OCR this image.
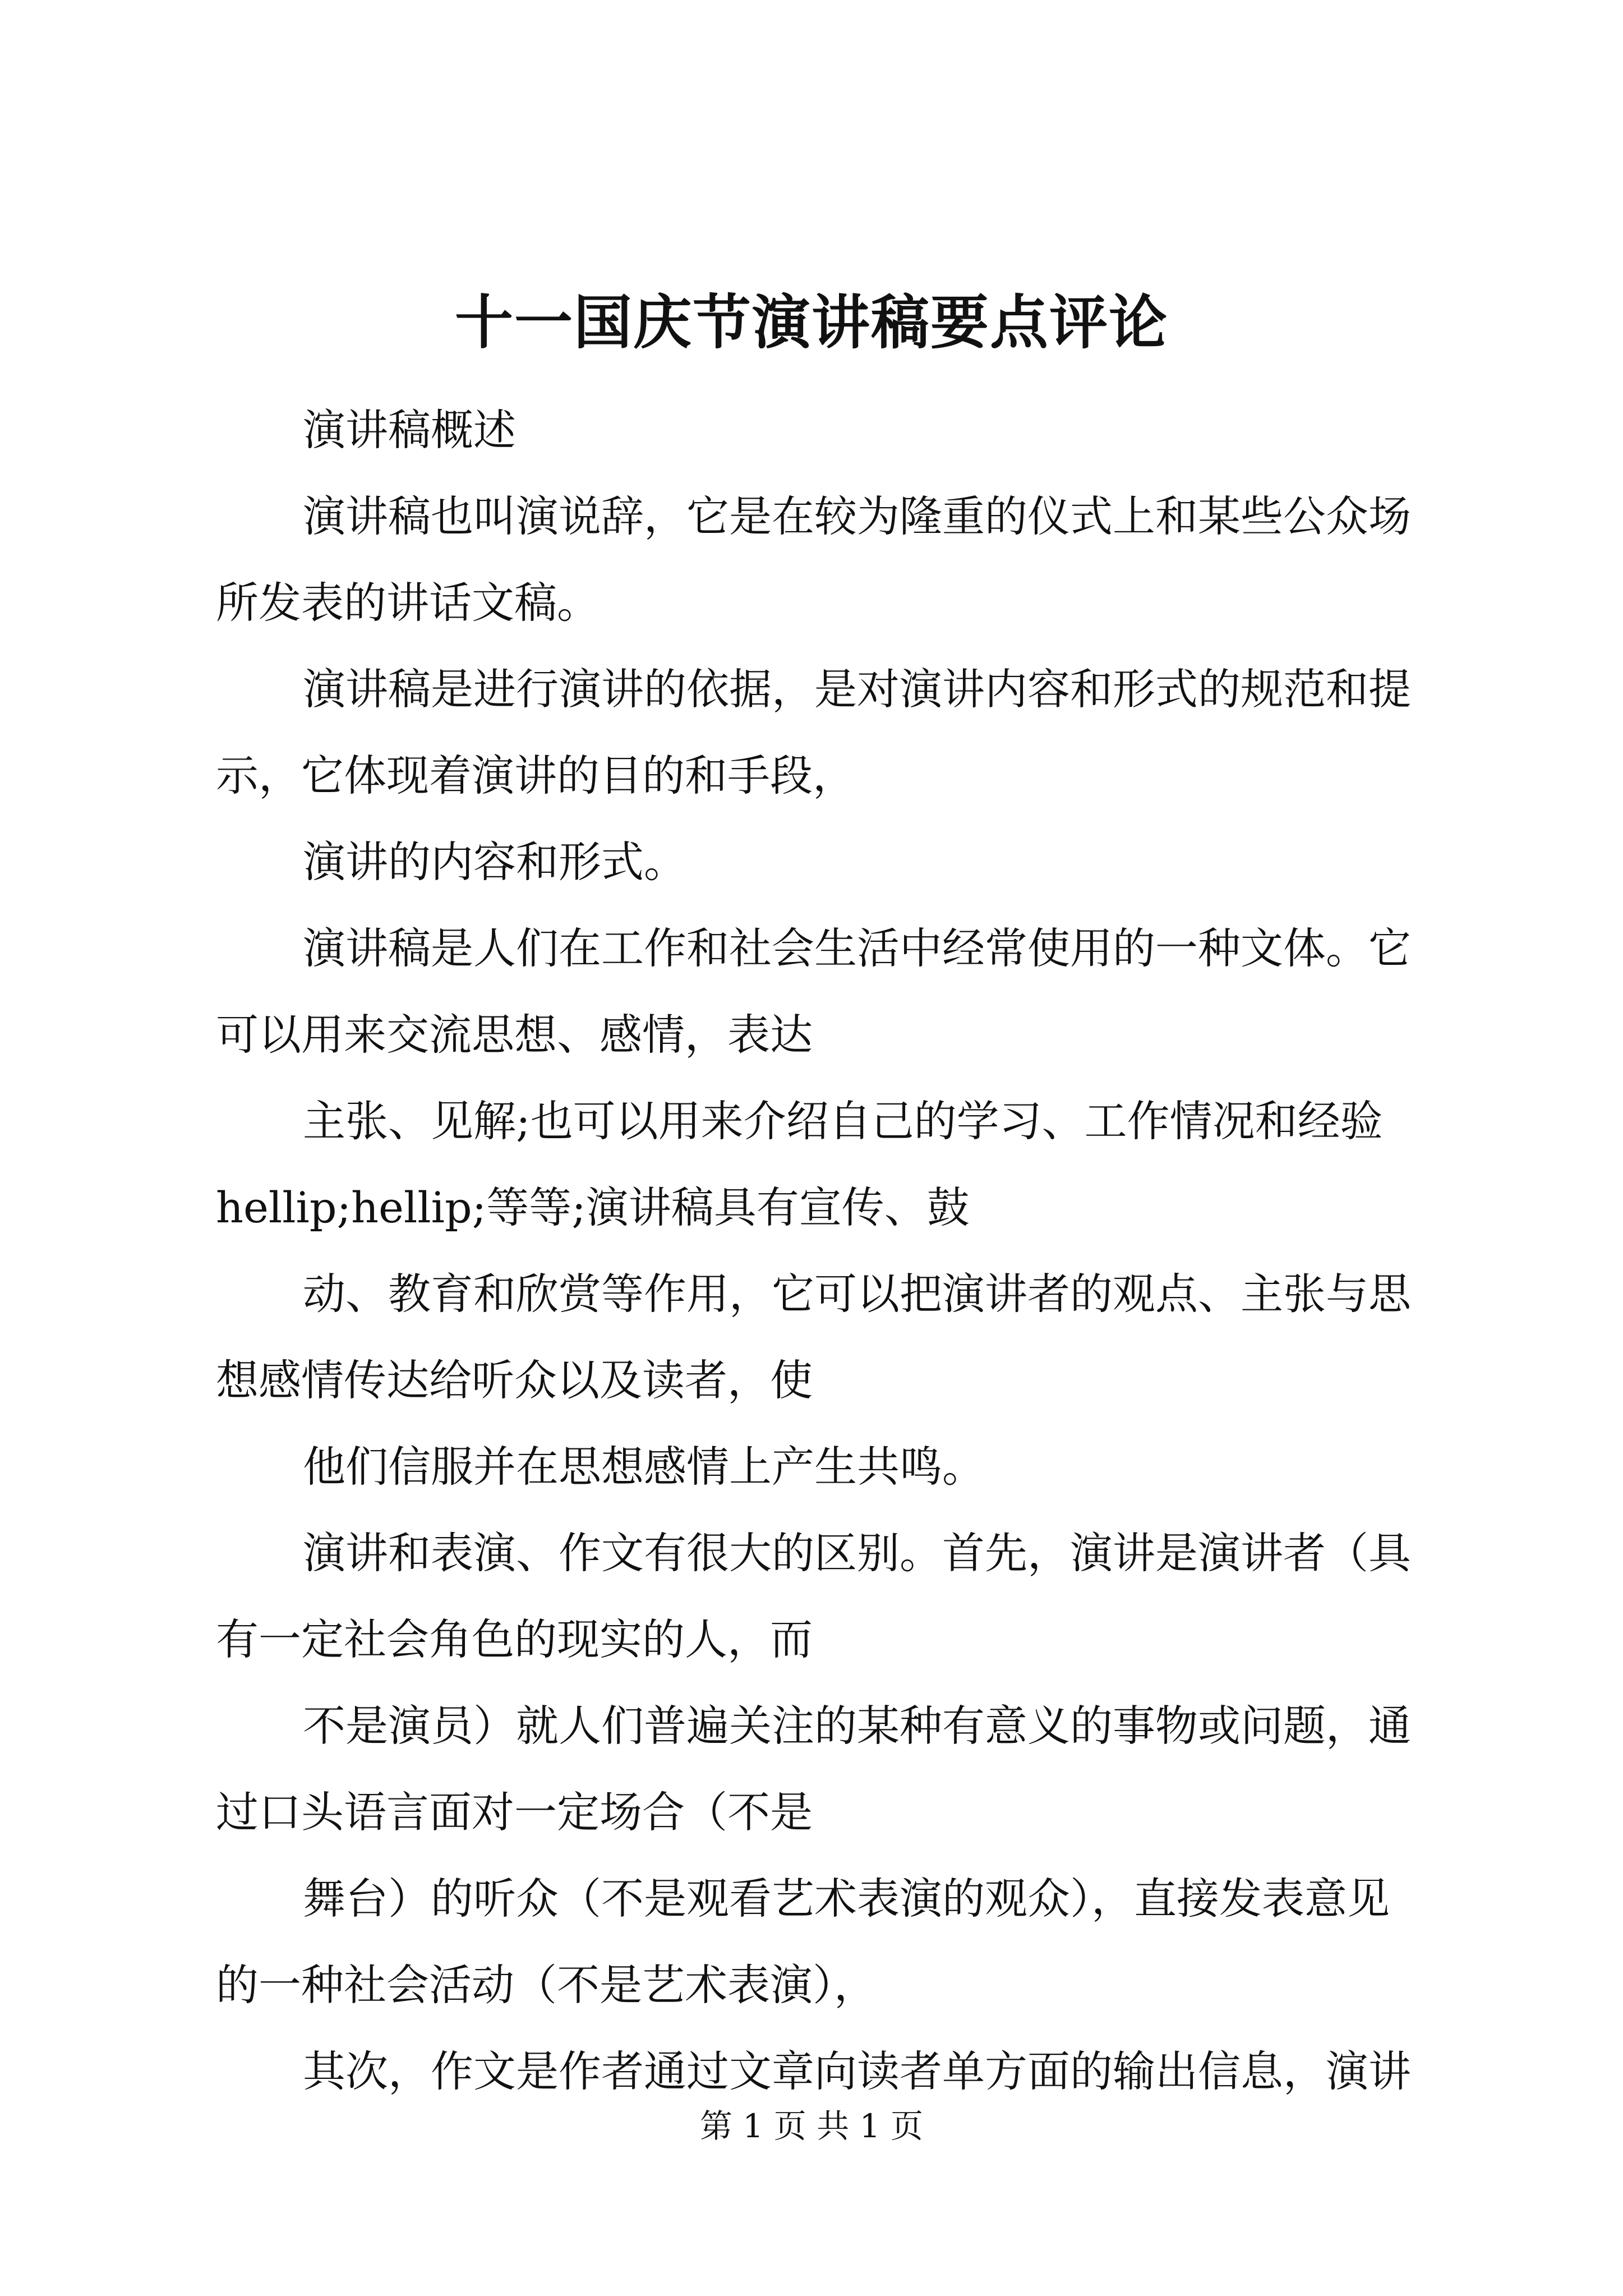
十一国庆节演讲稿要点评论

演讲稿概述

演讲稿也叫演说辞，它是在较为隆重的仪式上和某些公众场
所发表的讲话文稿。

演讲稿是进行演讲的依据，是对演讲内容和形式的规范和提
示，它体现着演讲的目的和手段，

演讲的内容和形式。

演讲稿是人们在工作和社会生活中经常使用的一种文体。它
可以用来交流思想、感情，表达

主张、见解;也可以用来介绍自己的学习、工作情况和经验
hellip;hellip;等等;演讲稿具有宣传、鼓

动、教育和欣赏等作用，它可以把演讲者的观点、主张与思
想感情传达给听众以及读者，使

他们信服并在思想感情上产生共鸣。

演讲和表演、作文有很大的区别。首先，演讲是演讲者（具
有一定社会角色的现实的人，而

不是演员）就人们普遍关注的某种有意义的事物或问题，通
过口头语言面对一定场合（不是

舞台）的听众（不是观看艺术表演的观众），直接发表意见
的一种社会活动（不是艺术表演），

其次，作文是作者通过文章向读者单方面的输出信息，演讲

第 1 页 共 1 页
